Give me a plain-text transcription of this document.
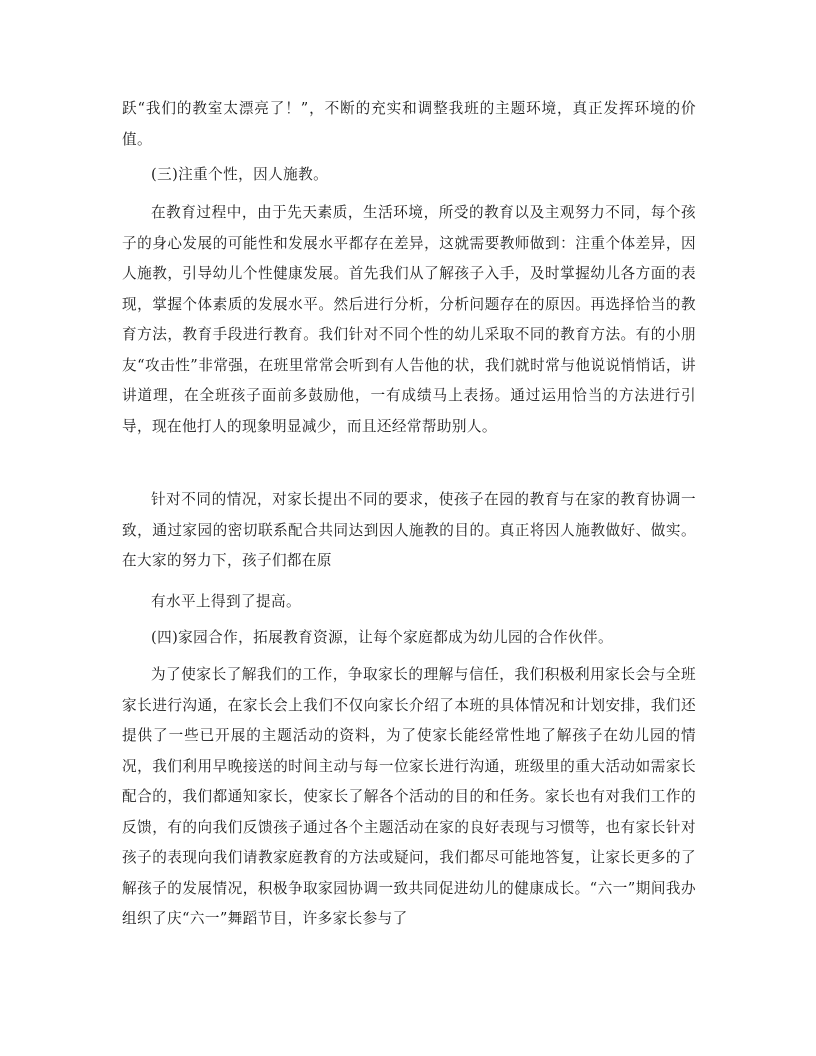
跃“我们的教室太漂亮了！”，不断的充实和调整我班的主题环境，真正发挥环境的价值。

(三)注重个性，因人施教。

在教育过程中，由于先天素质，生活环境，所受的教育以及主观努力不同，每个孩子的身心发展的可能性和发展水平都存在差异，这就需要教师做到：注重个体差异，因人施教，引导幼儿个性健康发展。首先我们从了解孩子入手，及时掌握幼儿各方面的表现，掌握个体素质的发展水平。然后进行分析，分析问题存在的原因。再选择恰当的教育方法，教育手段进行教育。我们针对不同个性的幼儿采取不同的教育方法。有的小朋友“攻击性”非常强，在班里常常会听到有人告他的状，我们就时常与他说说悄悄话，讲讲道理，在全班孩子面前多鼓励他，一有成绩马上表扬。通过运用恰当的方法进行引导，现在他打人的现象明显减少，而且还经常帮助别人。

针对不同的情况，对家长提出不同的要求，使孩子在园的教育与在家的教育协调一致，通过家园的密切联系配合共同达到因人施教的目的。真正将因人施教做好、做实。在大家的努力下，孩子们都在原

有水平上得到了提高。

(四)家园合作，拓展教育资源，让每个家庭都成为幼儿园的合作伙伴。

为了使家长了解我们的工作，争取家长的理解与信任，我们积极利用家长会与全班家长进行沟通，在家长会上我们不仅向家长介绍了本班的具体情况和计划安排，我们还提供了一些已开展的主题活动的资料，为了使家长能经常性地了解孩子在幼儿园的情况，我们利用早晚接送的时间主动与每一位家长进行沟通，班级里的重大活动如需家长配合的，我们都通知家长，使家长了解各个活动的目的和任务。家长也有对我们工作的反馈，有的向我们反馈孩子通过各个主题活动在家的良好表现与习惯等，也有家长针对孩子的表现向我们请教家庭教育的方法或疑问，我们都尽可能地答复，让家长更多的了解孩子的发展情况，积极争取家园协调一致共同促进幼儿的健康成长。“六一”期间我办组织了庆“六一”舞蹈节目，许多家长参与了
